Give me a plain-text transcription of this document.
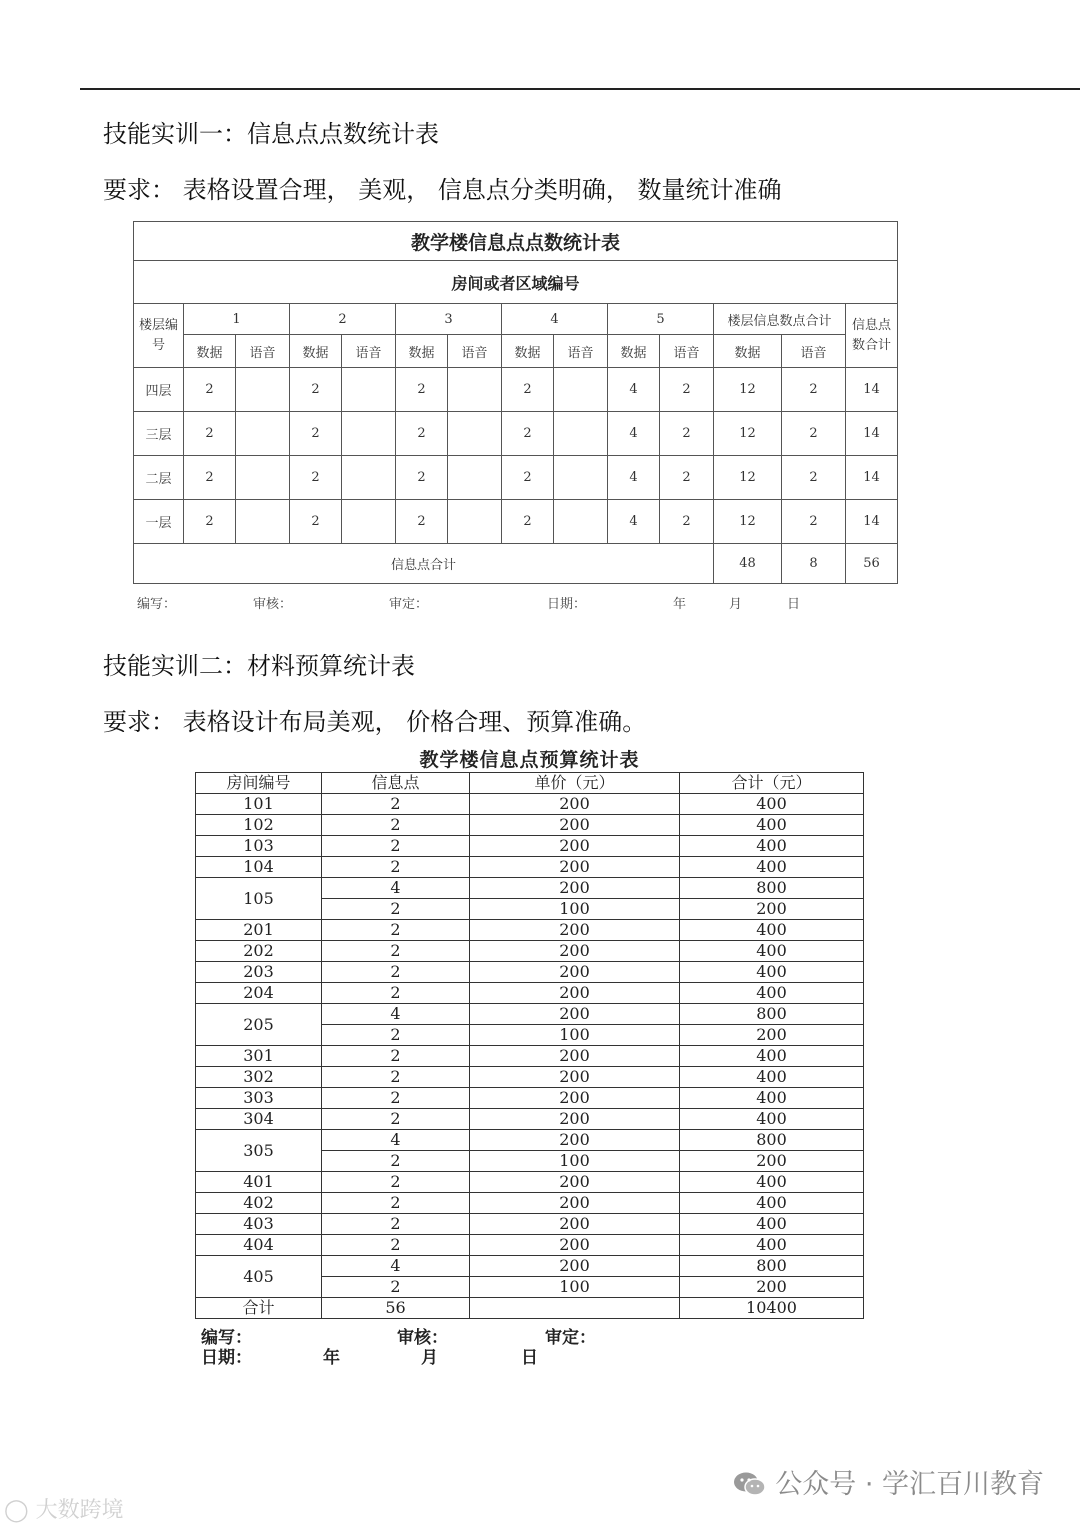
技能实训一：信息点点数统计表
要求： 表格设置合理， 美观， 信息点分类明确， 数量统计准确
教学楼信息点点数统计表													
房间或者区域编号													
楼层编号	1		2		3		4		5		楼层信息数点合计		信息点数合计
	数据	语音	数据	语音	数据	语音	数据	语音	数据	语音	数据	语音	
四层	2		2		2		2		4	2	12	2	14
三层	2		2		2		2		4	2	12	2	14
二层	2		2		2		2		4	2	12	2	14
一层	2		2		2		2		4	2	12	2	14
信息点合计											48	8	56
编写：	审核：	审定：	日期：	年	月	日
技能实训二：材料预算统计表
要求： 表格设计布局美观， 价格合理、预算准确。
教学楼信息点预算统计表			
房间编号	信息点	单价（元）	合计（元）
101	2	200	400
102	2	200	400
103	2	200	400
104	2	200	400
105	4	200	800
	2	100	200
201	2	200	400
202	2	200	400
203	2	200	400
204	2	200	400
205	4	200	800
	2	100	200
301	2	200	400
302	2	200	400
303	2	200	400
304	2	200	400
305	4	200	800
	2	100	200
401	2	200	400
402	2	200	400
403	2	200	400
404	2	200	400
405	4	200	800
	2	100	200
合计	56		10400
编写：	审核：	审定：
日期：	年	月	日
公众号 · 学汇百川教育
◯ 大数跨境
